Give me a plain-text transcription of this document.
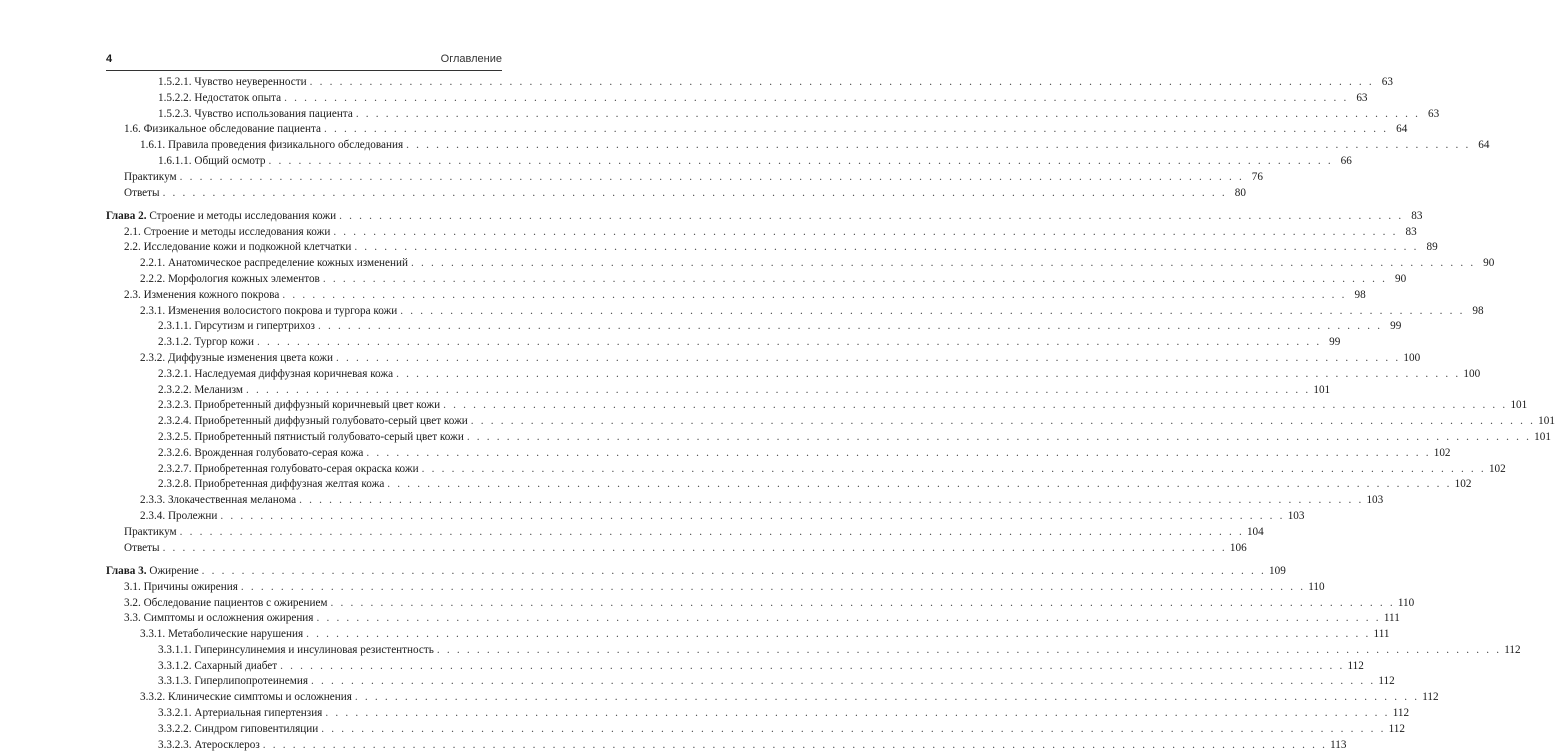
4	Оглавление
1.5.2.1. Чувство неуверенности . . .	63
1.5.2.2. Недостаток опыта . . .	63
1.5.2.3. Чувство использования пациента . . .	63
1.6. Физикальное обследование пациента . . .	64
1.6.1. Правила проведения физикального обследования . . .	64
1.6.1.1. Общий осмотр . . .	66
Практикум . . .	76
Ответы . . .	80
Глава 2. Строение и методы исследования кожи . . .	83
2.1. Строение и методы исследования кожи . . .	83
2.2. Исследование кожи и подкожной клетчатки . . .	89
2.2.1. Анатомическое распределение кожных изменений . . .	90
2.2.2. Морфология кожных элементов . . .	90
2.3. Изменения кожного покрова . . .	98
2.3.1. Изменения волосистого покрова и тургора кожи . . .	98
2.3.1.1. Гирсутизм и гипертрихоз . . .	99
2.3.1.2. Тургор кожи . . .	99
2.3.2. Диффузные изменения цвета кожи . . .	100
2.3.2.1. Наследуемая диффузная коричневая кожа . . .	100
2.3.2.2. Меланизм . . .	101
2.3.2.3. Приобретенный диффузный коричневый цвет кожи . . .	101
2.3.2.4. Приобретенный диффузный голубовато-серый цвет кожи . . .	101
2.3.2.5. Приобретенный пятнистый голубовато-серый цвет кожи . . .	101
2.3.2.6. Врожденная голубовато-серая кожа . . .	102
2.3.2.7. Приобретенная голубовато-серая окраска кожи . . .	102
2.3.2.8. Приобретенная диффузная желтая кожа . . .	102
2.3.3. Злокачественная меланома . . .	103
2.3.4. Пролежни . . .	103
Практикум . . .	104
Ответы . . .	106
Глава 3. Ожирение . . .	109
3.1. Причины ожирения . . .	110
3.2. Обследование пациентов с ожирением . . .	110
3.3. Симптомы и осложнения ожирения . . .	111
3.3.1. Метаболические нарушения . . .	111
3.3.1.1. Гиперинсулинемия и инсулиновая резистентность . . .	112
3.3.1.2. Сахарный диабет . . .	112
3.3.1.3. Гиперлипопротеинемия . . .	112
3.3.2. Клинические симптомы и осложнения . . .	112
3.3.2.1. Артериальная гипертензия . . .	112
3.3.2.2. Синдром гиповентиляции . . .	112
3.3.2.3. Атеросклероз . . .	113
